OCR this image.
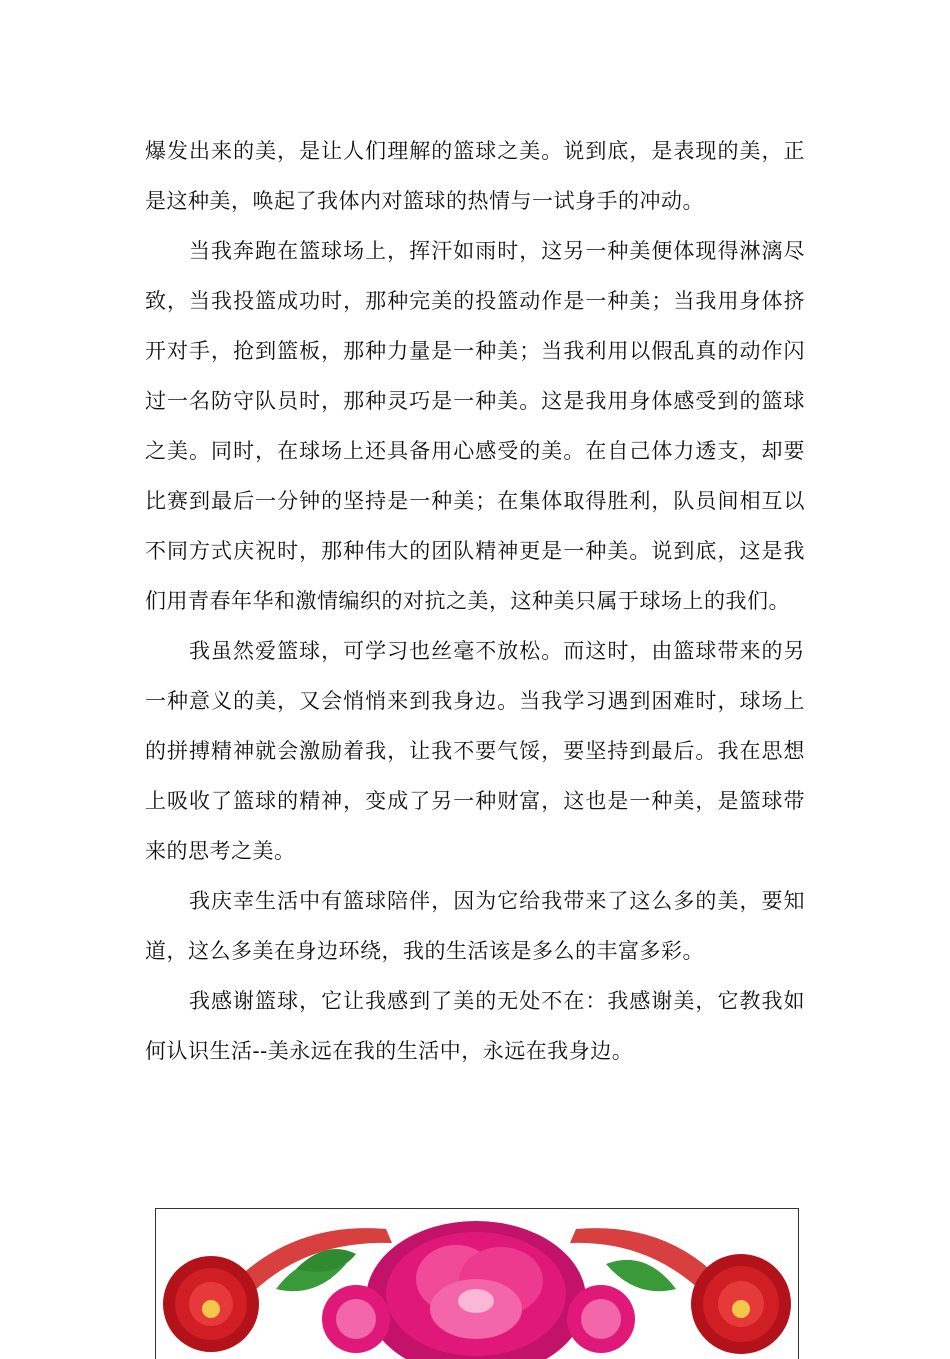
爆发出来的美，是让人们理解的篮球之美。说到底，是表现的美，正是这种美，唤起了我体内对篮球的热情与一试身手的冲动。

当我奔跑在篮球场上，挥汗如雨时，这另一种美便体现得淋漓尽致，当我投篮成功时，那种完美的投篮动作是一种美；当我用身体挤开对手，抢到篮板，那种力量是一种美；当我利用以假乱真的动作闪过一名防守队员时，那种灵巧是一种美。这是我用身体感受到的篮球之美。同时，在球场上还具备用心感受的美。在自己体力透支，却要比赛到最后一分钟的坚持是一种美；在集体取得胜利，队员间相互以不同方式庆祝时，那种伟大的团队精神更是一种美。说到底，这是我们用青春年华和激情编织的对抗之美，这种美只属于球场上的我们。

我虽然爱篮球，可学习也丝毫不放松。而这时，由篮球带来的另一种意义的美，又会悄悄来到我身边。当我学习遇到困难时，球场上的拼搏精神就会激励着我，让我不要气馁，要坚持到最后。我在思想上吸收了篮球的精神，变成了另一种财富，这也是一种美，是篮球带来的思考之美。

我庆幸生活中有篮球陪伴，因为它给我带来了这么多的美，要知道，这么多美在身边环绕，我的生活该是多么的丰富多彩。

我感谢篮球，它让我感到了美的无处不在：我感谢美，它教我如何认识生活--美永远在我的生活中，永远在我身边。
